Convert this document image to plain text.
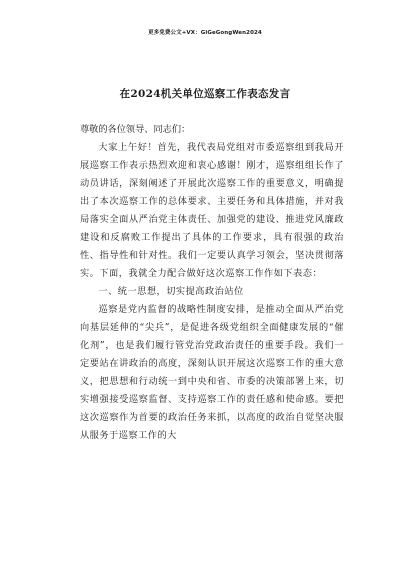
更多免费公文+VX：GiGeGongWen2024
在2024机关单位巡察工作表态发言

尊敬的各位领导、同志们：

大家上午好！首先，我代表局党组对市委巡察组到我局开展巡察工作表示热烈欢迎和衷心感谢！刚才，巡察组组长作了动员讲话，深刻阐述了开展此次巡察工作的重要意义，明确提出了本次巡察工作的总体要求、主要任务和具体措施，并对我局落实全面从严治党主体责任、加强党的建设、推进党风廉政建设和反腐败工作提出了具体的工作要求，具有很强的政治性、指导性和针对性。我们一定要认真学习领会，坚决贯彻落实。下面，我就全力配合做好这次巡察工作作如下表态：

一、统一思想，切实提高政治站位

巡察是党内监督的战略性制度安排，是推动全面从严治党向基层延伸的“尖兵”，是促进各级党组织全面健康发展的“催化剂”，也是我们履行管党治党政治责任的重要手段。我们一定要站在讲政治的高度，深刻认识开展这次巡察工作的重大意义，把思想和行动统一到中央和省、市委的决策部署上来，切实增强接受巡察监督、支持巡察工作的责任感和使命感。要把这次巡察作为首要的政治任务来抓，以高度的政治自觉坚决服从服务于巡察工作的大
